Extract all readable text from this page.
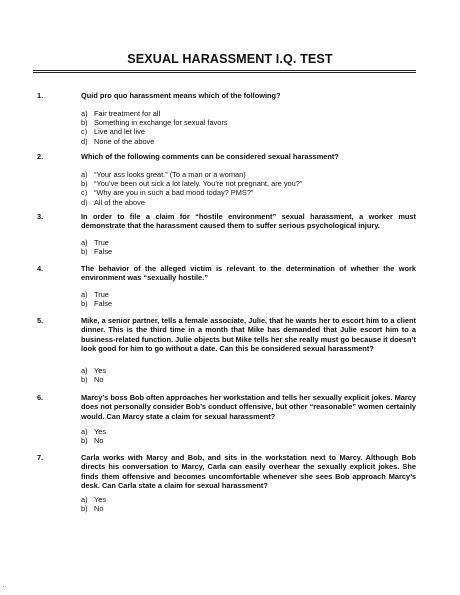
SEXUAL HARASSMENT I.Q. TEST
1.	Quid pro quo harassment means which of the following?
a) Fair treatment for all
b) Something in exchange for sexual favors
c) Live and let live
d) None of the above
2.	Which of the following comments can be considered sexual harassment?
a) “Your ass looks great.” (To a man or a woman)
b) “You’ve been out sick a lot lately. You’re not pregnant, are you?”
c) “Why are you in such a bad mood today? PMS?”
d) All of the above
3.	In order to file a claim for “hostile environment” sexual harassment, a worker must demonstrate that the harassment caused them to suffer serious psychological injury.
a) True
b) False
4.	The behavior of the alleged victim is relevant to the determination of whether the work environment was “sexually hostile.”
a) True
b) False
5.	Mike, a senior partner, tells a female associate, Julie, that he wants her to escort him to a client dinner. This is the third time in a month that Mike has demanded that Julie escort him to a business-related function. Julie objects but Mike tells her she really must go because it doesn’t look good for him to go without a date. Can this be considered sexual harassment?
a) Yes
b) No
6.	Marcy’s boss Bob often approaches her workstation and tells her sexually explicit jokes. Marcy does not personally consider Bob’s conduct offensive, but other “reasonable” women certainly would. Can Marcy state a claim for sexual harassment?
a) Yes
b) No
7.	Carla works with Marcy and Bob, and sits in the workstation next to Marcy. Although Bob directs his conversation to Marcy, Carla can easily overhear the sexually explicit jokes. She finds them offensive and becomes uncomfortable whenever she sees Bob approach Marcy’s desk. Can Carla state a claim for sexual harassment?
a) Yes
b) No
